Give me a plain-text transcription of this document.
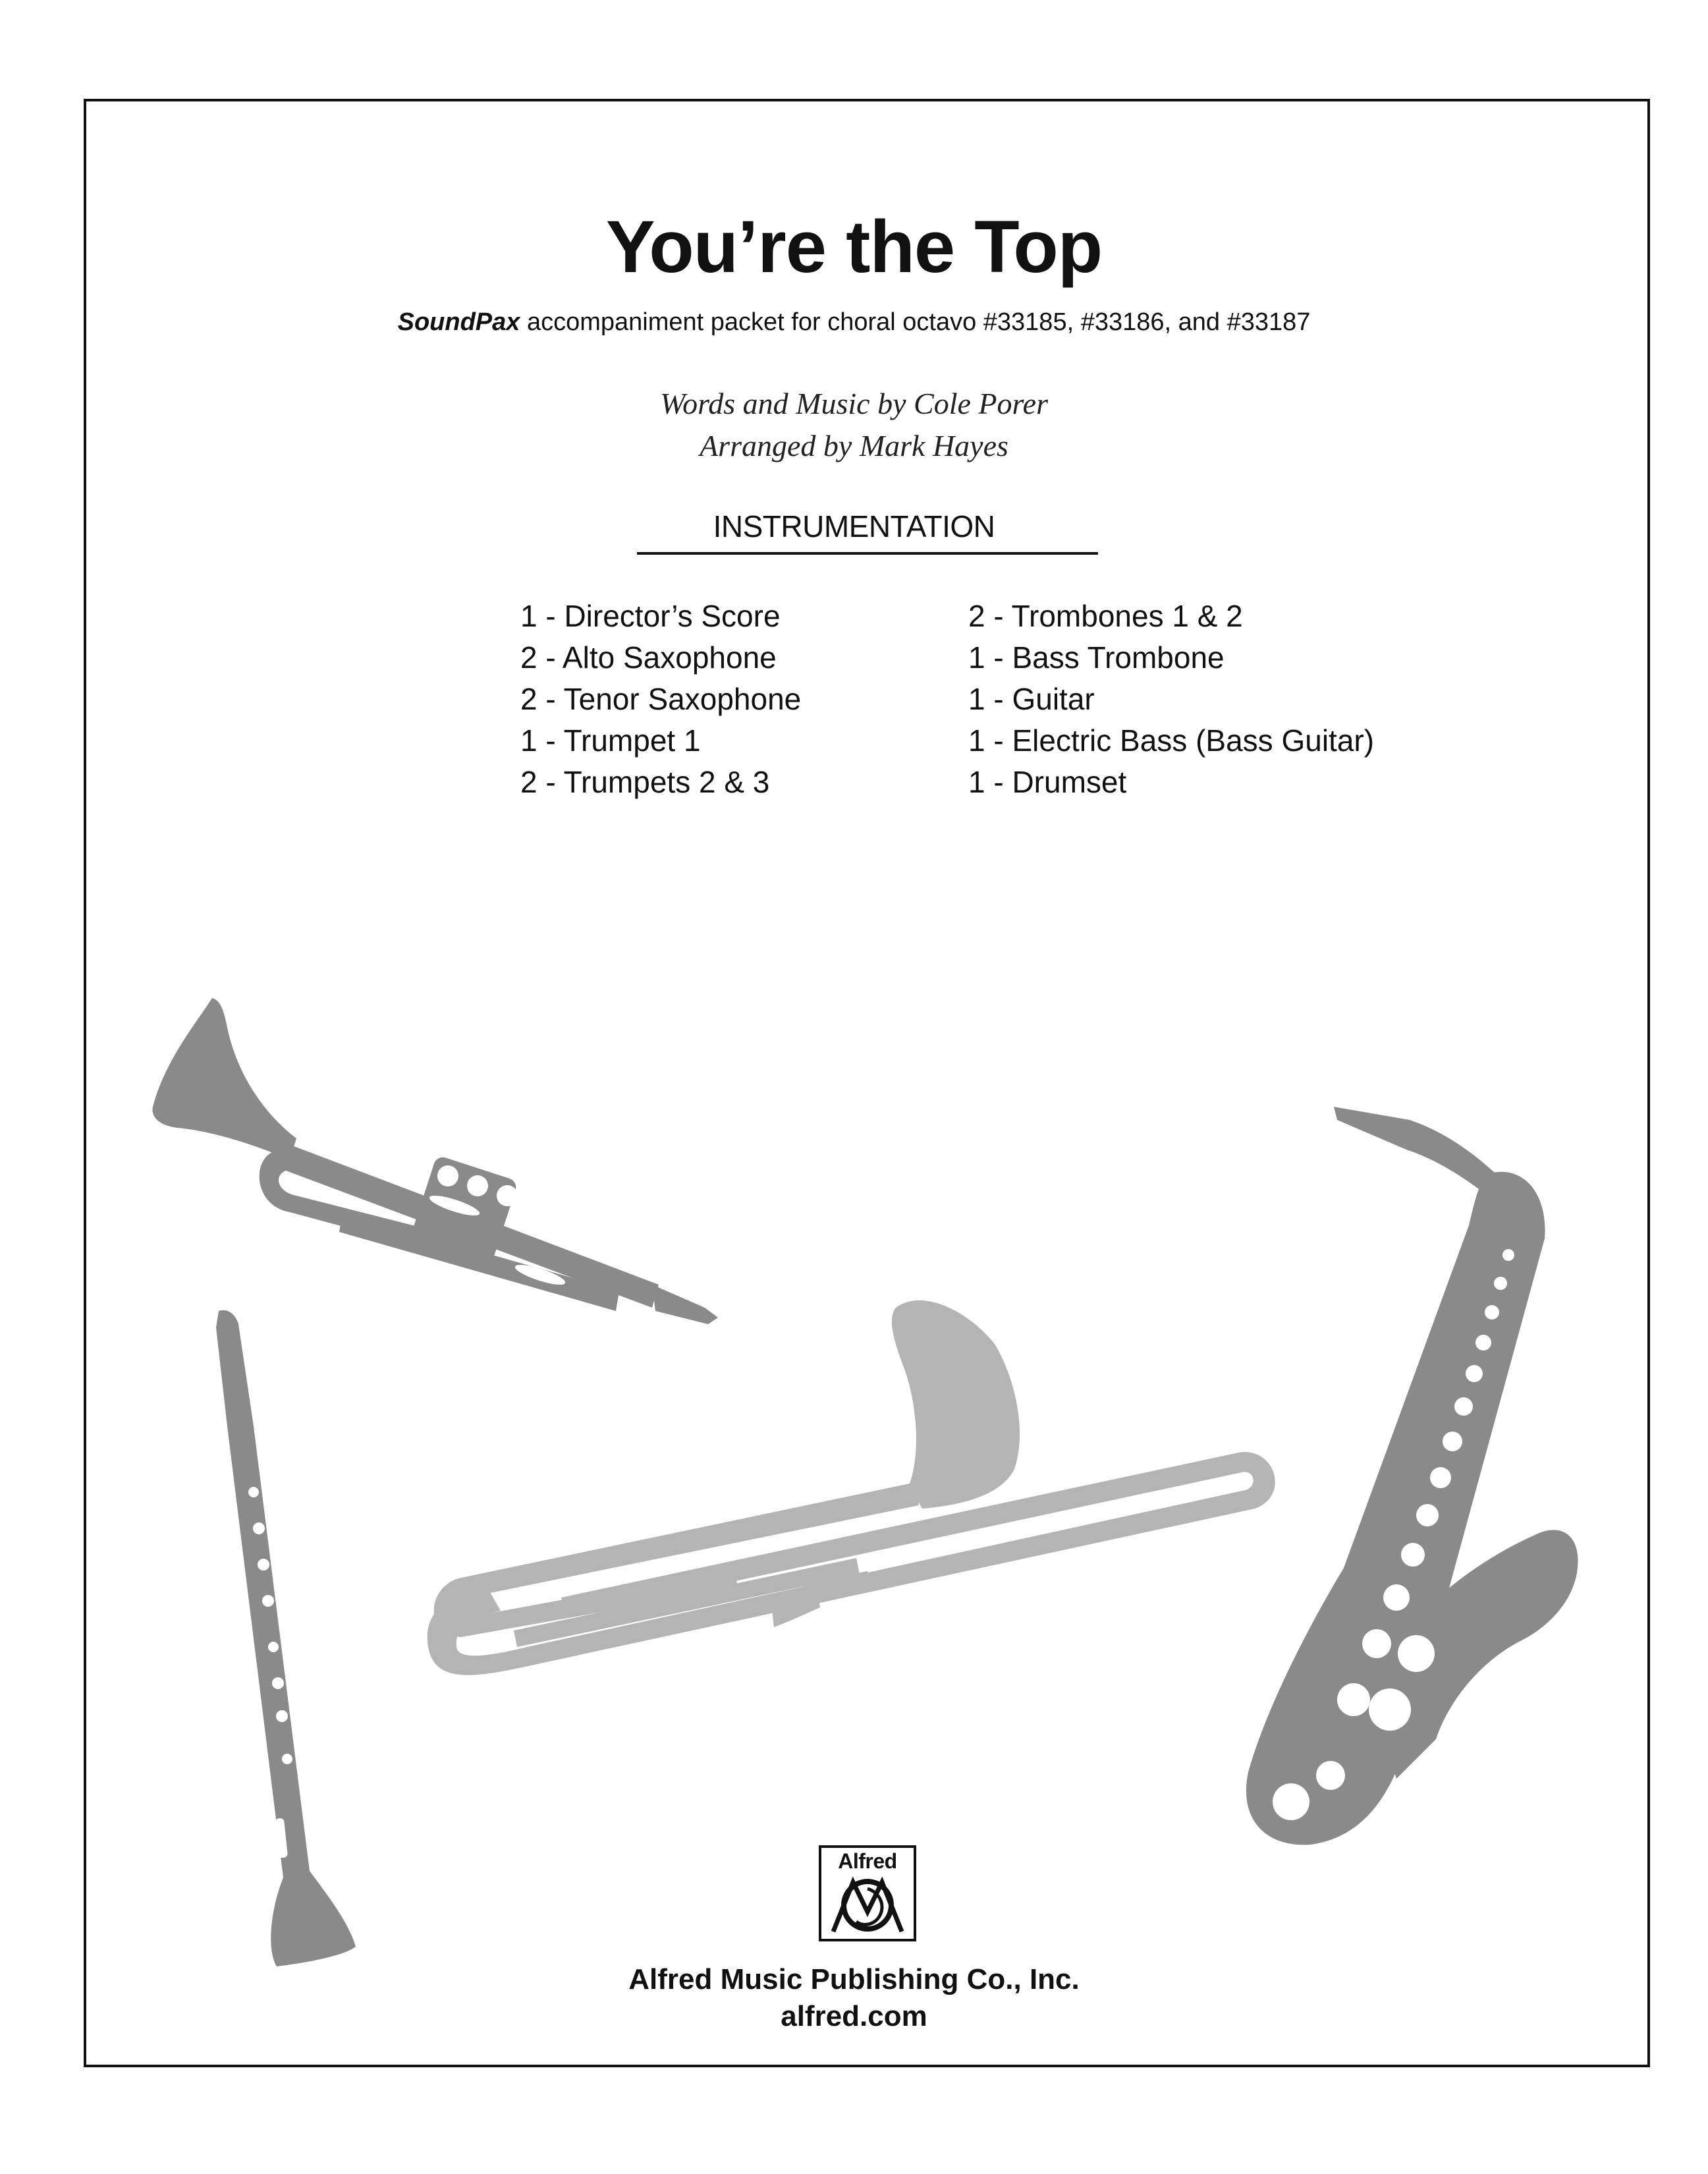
You’re the Top
SoundPax accompaniment packet for choral octavo #33185, #33186, and #33187
Words and Music by Cole Porer
Arranged by Mark Hayes
INSTRUMENTATION
1 - Director’s Score
2 - Alto Saxophone
2 - Tenor Saxophone
1 - Trumpet 1
2 - Trumpets 2 & 3
2 - Trombones 1 & 2
1 - Bass Trombone
1 - Guitar
1 - Electric Bass (Bass Guitar)
1 - Drumset
Alfred
Alfred Music Publishing Co., Inc.
alfred.com
